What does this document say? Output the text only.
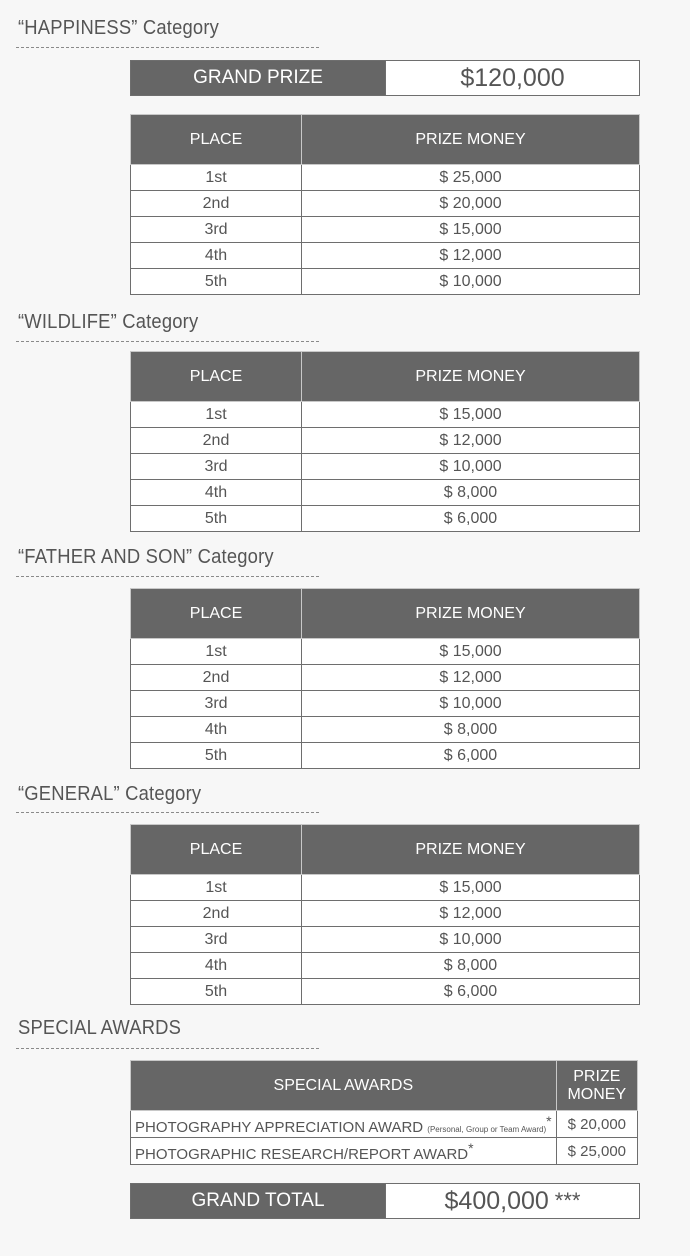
“HAPPINESS” Category
GRAND PRIZE	$120,000
PLACE	PRIZE MONEY
1st	$ 25,000
2nd	$ 20,000
3rd	$ 15,000
4th	$ 12,000
5th	$ 10,000
“WILDLIFE” Category
PLACE	PRIZE MONEY
1st	$ 15,000
2nd	$ 12,000
3rd	$ 10,000
4th	$ 8,000
5th	$ 6,000
“FATHER AND SON” Category
PLACE	PRIZE MONEY
1st	$ 15,000
2nd	$ 12,000
3rd	$ 10,000
4th	$ 8,000
5th	$ 6,000
“GENERAL” Category
PLACE	PRIZE MONEY
1st	$ 15,000
2nd	$ 12,000
3rd	$ 10,000
4th	$ 8,000
5th	$ 6,000
SPECIAL AWARDS
SPECIAL AWARDS	PRIZE MONEY
PHOTOGRAPHY APPRECIATION AWARD (Personal, Group or Team Award)*	$ 20,000
PHOTOGRAPHIC RESEARCH/REPORT AWARD*	$ 25,000
GRAND TOTAL	$400,000 ***
